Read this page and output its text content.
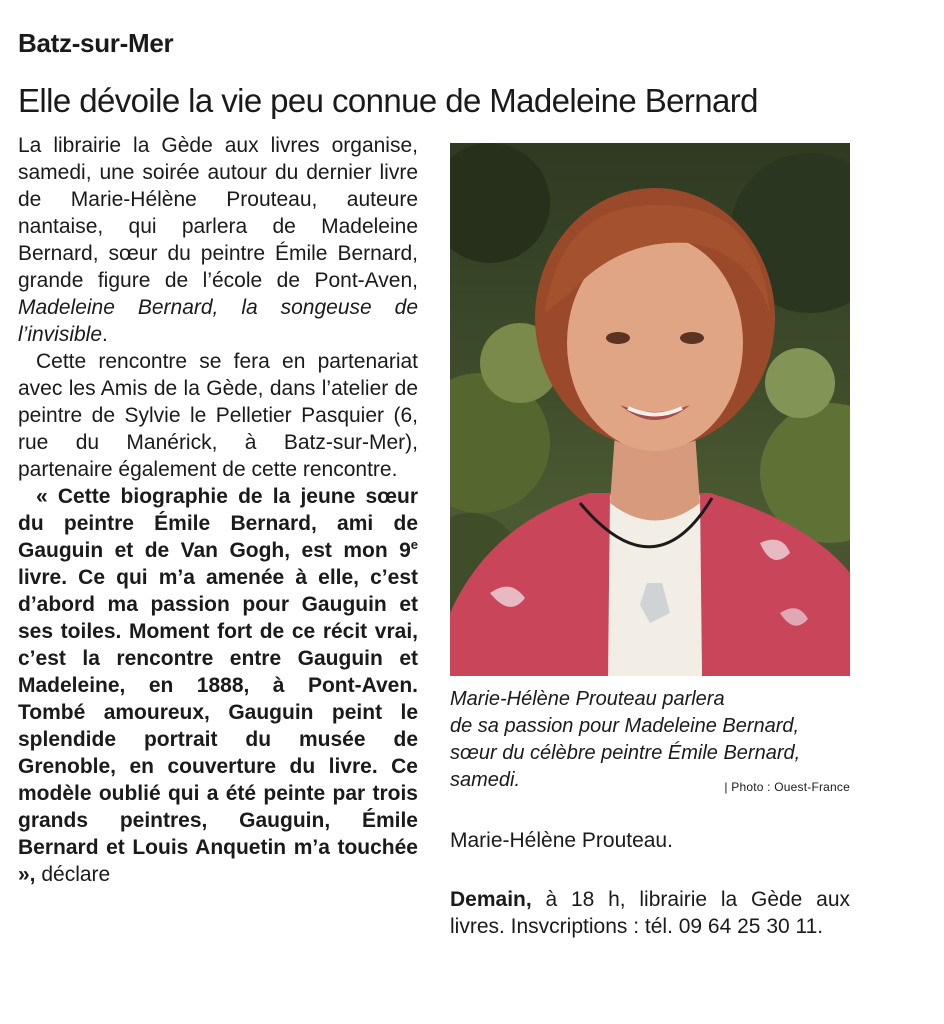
Batz-sur-Mer
Elle dévoile la vie peu connue de Madeleine Bernard

La librairie la Gède aux livres organise, samedi, une soirée autour du dernier livre de Marie-Hélène Prouteau, auteure nantaise, qui parlera de Madeleine Bernard, sœur du peintre Émile Bernard, grande figure de l’école de Pont-Aven, Madeleine Bernard, la songeuse de l’invisible.

Cette rencontre se fera en partenariat avec les Amis de la Gède, dans l’atelier de peintre de Sylvie le Pelletier Pasquier (6, rue du Manérick, à Batz-sur-Mer), partenaire également de cette rencontre.

« Cette biographie de la jeune sœur du peintre Émile Bernard, ami de Gauguin et de Van Gogh, est mon 9e livre. Ce qui m’a amenée à elle, c’est d’abord ma passion pour Gauguin et ses toiles. Moment fort de ce récit vrai, c’est la rencontre entre Gauguin et Madeleine, en 1888, à Pont-Aven. Tombé amoureux, Gauguin peint le splendide portrait du musée de Grenoble, en couverture du livre. Ce modèle oublié qui a été peinte par trois grands peintres, Gauguin, Émile Bernard et Louis Anquetin m’a touchée », déclare

Marie-Hélène Prouteau parlera

de sa passion pour Madeleine Bernard,

sœur du célèbre peintre Émile Bernard,

samedi.	| Photo : Ouest-France

Marie-Hélène Prouteau.

Demain, à 18 h, librairie la Gède aux livres. Insvcriptions : tél. 09 64 25 30 11.
